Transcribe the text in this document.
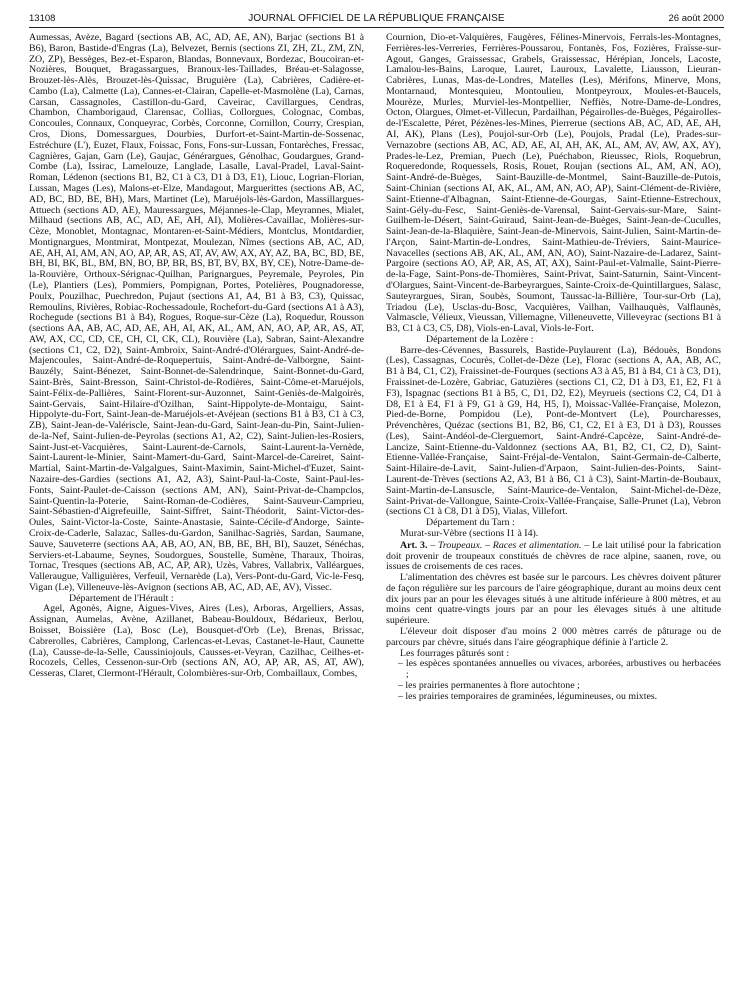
13108	JOURNAL OFFICIEL DE LA RÉPUBLIQUE FRANÇAISE	26 août 2000

Aumessas, Avèze, Bagard (sections AB, AC, AD, AE, AN), Barjac (sections B1 à B6), Baron, Bastide-d'Engras (La), Belvezet, Bernis (sections ZI, ZH, ZL, ZM, ZN, ZO, ZP), Bessèges, Bez-et-Esparon, Blandas, Bonnevaux, Bordezac, Boucoiran-et-Nozières, Bouquet, Bragassargues, Branoux-les-Taillades, Bréau-et-Salagosse, Brouzet-lès-Alès, Brouzet-lès-Quissac, Bruguière (La), Cabrières, Cadière-et-Cambo (La), Calmette (La), Cannes-et-Clairan, Capelle-et-Masmolène (La), Carnas, Carsan, Cassagnoles, Castillon-du-Gard, Caveirac, Cavillargues, Cendras, Chambon, Chamborigaud, Clarensac, Collias, Collorgues, Colognac, Combas, Concoules, Connaux, Conqueyrac, Corbès, Corconne, Cornillon, Courry, Crespian, Cros, Dions, Domessargues, Dourbies, Durfort-et-Saint-Martin-de-Sossenac, Estréchure (L'), Euzet, Flaux, Foissac, Fons, Fons-sur-Lussan, Fontarèches, Fressac, Cagnières, Gajan, Garn (Le), Gaujac, Générargues, Génolhac, Goudargues, Grand-Combe (La), Issirac, Lamelouze, Langlade, Lasalle, Laval-Pradel, Laval-Saint-Roman, Lédenon (sections B1, B2, C1 à C3, D1 à D3, E1), Liouc, Logrian-Florian, Lussan, Mages (Les), Malons-et-Elze, Mandagout, Marguerittes (sections AB, AC, AD, BC, BD, BE, BH), Mars, Martinet (Le), Maruéjols-lès-Gardon, Massillargues-Attuech (sections AD, AE), Mauressargues, Méjannes-le-Clap, Meyrannes, Mialet, Milhaud (sections AB, AC, AD, AE, AH, AI), Molières-Cavaillac, Molières-sur-Cèze, Monoblet, Montagnac, Montaren-et-Saint-Médiers, Montclus, Montdardier, Montignargues, Montmirat, Montpezat, Moulezan, Nîmes (sections AB, AC, AD, AE, AH, AI, AM, AN, AO, AP, AR, AS, AT, AV, AW, AX, AY, AZ, BA, BC, BD, BE, BH, BI, BK, BL, BM, BN, BO, BP, BR, BS, BT, BV, BX, BY, CE), Notre-Dame-de-la-Rouvière, Orthoux-Sérignac-Quilhan, Parignargues, Peyremale, Peyroles, Pin (Le), Plantiers (Les), Pommiers, Pompignan, Portes, Potelières, Pougnadoresse, Poulx, Pouzilhac, Puechredon, Pujaut (sections A1, A4, B1 à B3, C3), Quissac, Remoulins, Rivières, Robiac-Rochessadoule, Rochefort-du-Gard (sections A1 à A3), Rochegude (sections B1 à B4), Rogues, Roque-sur-Cèze (La), Roquedur, Rousson (sections AA, AB, AC, AD, AE, AH, AI, AK, AL, AM, AN, AO, AP, AR, AS, AT, AW, AX, CC, CD, CE, CH, CI, CK, CL), Rouvière (La), Sabran, Saint-Alexandre (sections C1, C2, D2), Saint-Ambroix, Saint-André-d'Olérargues, Saint-André-de-Majencoules, Saint-André-de-Roquepertuis, Saint-André-de-Valborgne, Saint-Bauzély, Saint-Bénezet, Saint-Bonnet-de-Salendrinque, Saint-Bonnet-du-Gard, Saint-Brès, Saint-Bresson, Saint-Christol-de-Rodières, Saint-Côme-et-Maruéjols, Saint-Félix-de-Pallières, Saint-Florent-sur-Auzonnet, Saint-Geniès-de-Malgoirès, Saint-Gervais, Saint-Hilaire-d'Ozilhan, Saint-Hippolyte-de-Montaigu, Saint-Hippolyte-du-Fort, Saint-Jean-de-Maruéjols-et-Avéjean (sections B1 à B3, C1 à C3, ZB), Saint-Jean-de-Valériscle, Saint-Jean-du-Gard, Saint-Jean-du-Pin, Saint-Julien-de-la-Nef, Saint-Julien-de-Peyrolas (sections A1, A2, C2), Saint-Julien-les-Rosiers, Saint-Just-et-Vacquières, Saint-Laurent-de-Carnols, Saint-Laurent-la-Vernède, Saint-Laurent-le-Minier, Saint-Mamert-du-Gard, Saint-Marcel-de-Careiret, Saint-Martial, Saint-Martin-de-Valgalgues, Saint-Maximin, Saint-Michel-d'Euzet, Saint-Nazaire-des-Gardies (sections A1, A2, A3), Saint-Paul-la-Coste, Saint-Paul-les-Fonts, Saint-Paulet-de-Caisson (sections AM, AN), Saint-Privat-de-Champclos, Saint-Quentin-la-Poterie, Saint-Roman-de-Codières, Saint-Sauveur-Camprieu, Saint-Sébastien-d'Aigrefeuille, Saint-Siffret, Saint-Théodorit, Saint-Victor-des-Oules, Saint-Victor-la-Coste, Sainte-Anastasie, Sainte-Cécile-d'Andorge, Sainte-Croix-de-Caderle, Salazac, Salles-du-Gardon, Sanilhac-Sagriès, Sardan, Saumane, Sauve, Sauveterre (sections AA, AB, AO, AN, BB, BE, BH, BI), Sauzet, Sénéchas, Serviers-et-Labaume, Seynes, Soudorgues, Soustelle, Sumène, Tharaux, Thoiras, Tornac, Tresques (sections AB, AC, AP, AR), Uzès, Vabres, Vallabrix, Valléargues, Valleraugue, Valliguières, Verfeuil, Vernarède (La), Vers-Pont-du-Gard, Vic-le-Fesq, Vigan (Le), Villeneuve-lès-Avignon (sections AB, AC, AD, AE, AV), Vissec.

Département de l'Hérault :

Agel, Agonès, Aigne, Aigues-Vives, Aires (Les), Arboras, Argelliers, Assas, Assignan, Aumelas, Avène, Azillanet, Babeau-Bouldoux, Bédarieux, Berlou, Boisset, Boissière (La), Bosc (Le), Bousquet-d'Orb (Le), Brenas, Brissac, Cabrerolles, Cabrières, Camplong, Carlencas-et-Levas, Castanet-le-Haut, Caunette (La), Causse-de-la-Selle, Caussiniojouls, Causses-et-Veyran, Cazilhac, Ceilhes-et-Rocozels, Celles, Cessenon-sur-Orb (sections AN, AO, AP, AR, AS, AT, AW), Cesseras, Claret, Clermont-l'Hérault, Colombières-sur-Orb, Combaillaux, Combes,

Cournion, Dio-et-Valquières, Faugères, Félines-Minervois, Ferrals-les-Montagnes, Ferrières-les-Verreries, Ferrières-Poussarou, Fontanès, Fos, Fozières, Fraïsse-sur-Agout, Ganges, Graissessac, Grabels, Graissessac, Hérépian, Joncels, Lacoste, Lamalou-les-Bains, Laroque, Lauret, Lauroux, Lavalette, Liausson, Lieuran-Cabrières, Lunas, Mas-de-Londres, Matelles (Les), Mérifons, Minerve, Mons, Montarnaud, Montesquieu, Montoulieu, Montpeyroux, Moules-et-Baucels, Mourèze, Murles, Murviel-les-Montpellier, Neffiès, Notre-Dame-de-Londres, Octon, Olargues, Olmet-et-Villecun, Pardailhan, Pégairolles-de-Buèges, Pégairolles-de-l'Escalette, Péret, Pézènes-les-Mines, Pierrerue (sections AB, AC, AD, AE, AH, AI, AK), Plans (Les), Poujol-sur-Orb (Le), Poujols, Pradal (Le), Prades-sur-Vernazobre (sections AB, AC, AD, AE, AI, AH, AK, AL, AM, AV, AW, AX, AY), Prades-le-Lez, Premian, Puech (Le), Puéchabon, Rieussec, Riols, Roquebrun, Roqueredonde, Roquessels, Rosis, Rouet, Roujan (sections AL, AM, AN, AO), Saint-André-de-Buèges, Saint-Bauzille-de-Montmel, Saint-Bauzille-de-Putois, Saint-Chinian (sections AI, AK, AL, AM, AN, AO, AP), Saint-Clément-de-Rivière, Saint-Etienne-d'Albagnan, Saint-Etienne-de-Gourgas, Saint-Etienne-Estrechoux, Saint-Gély-du-Fesc, Saint-Geniès-de-Varensal, Saint-Gervais-sur-Mare, Saint-Guilhem-le-Désert, Saint-Guiraud, Saint-Jean-de-Buèges, Saint-Jean-de-Cuculles, Saint-Jean-de-la-Blaquière, Saint-Jean-de-Minervois, Saint-Julien, Saint-Martin-de-l'Arçon, Saint-Martin-de-Londres, Saint-Mathieu-de-Tréviers, Saint-Maurice-Navacelles (sections AB, AK, AL, AM, AN, AO), Saint-Nazaire-de-Ladarez, Saint-Pargoire (sections AO, AP, AR, AS, AT, AX), Saint-Paul-et-Valmalle, Saint-Pierre-de-la-Fage, Saint-Pons-de-Thomières, Saint-Privat, Saint-Saturnin, Saint-Vincent-d'Olargues, Saint-Vincent-de-Barbeyrargues, Sainte-Croix-de-Quintillargues, Salasc, Sauteyrargues, Siran, Soubès, Soumont, Taussac-la-Billière, Tour-sur-Orb (La), Triadou (Le), Usclas-du-Bosc, Vacquières, Vailhan, Vailhauquès, Valflaunès, Valmascle, Vélieux, Vieussan, Villemagne, Villeneuvette, Villeveyrac (sections B1 à B3, C1 à C3, C5, D8), Viols-en-Laval, Viols-le-Fort.

Département de la Lozère :

Barre-des-Cévennes, Bassurels, Bastide-Puylaurent (La), Bédouès, Bondons (Les), Cassagnas, Cocurès, Collet-de-Dèze (Le), Florac (sections A, AA, AB, AC, B1 à B4, C1, C2), Fraissinet-de-Fourques (sections A3 à A5, B1 à B4, C1 à C3, D1), Fraissinet-de-Lozère, Gabriac, Gatuzières (sections C1, C2, D1 à D3, E1, E2, F1 à F3), Ispagnac (sections B1 à B5, C, D1, D2, E2), Meyrueis (sections C2, C4, D1 à D8, E1 à E4, F1 à F9, G1 à G9, H4, H5, I), Moissac-Vallée-Française, Molezon, Pied-de-Borne, Pompidou (Le), Pont-de-Montvert (Le), Pourcharesses, Prévenchères, Quézac (sections B1, B2, B6, C1, C2, E1 à E3, D1 à D3), Rousses (Les), Saint-Andéol-de-Clerguemort, Saint-André-Capcèze, Saint-André-de-Lancize, Saint-Etienne-du-Valdonnez (sections AA, B1, B2, C1, C2, D), Saint-Etienne-Vallée-Française, Saint-Fréjal-de-Ventalon, Saint-Germain-de-Calberte, Saint-Hilaire-de-Lavit, Saint-Julien-d'Arpaon, Saint-Julien-des-Points, Saint-Laurent-de-Trèves (sections A2, A3, B1 à B6, C1 à C3), Saint-Martin-de-Boubaux, Saint-Martin-de-Lansuscle, Saint-Maurice-de-Ventalon, Saint-Michel-de-Dèze, Saint-Privat-de-Vallongue, Sainte-Croix-Vallée-Française, Salle-Prunet (La), Vebron (sections C1 à C8, D1 à D5), Vialas, Villefort.

Département du Tarn :

Murat-sur-Vèbre (sections I1 à I4).

Art. 3. – Troupeaux. – Races et alimentation. – Le lait utilisé pour la fabrication doit provenir de troupeaux constitués de chèvres de race alpine, saanen, rove, ou issues de croisements de ces races.

L'alimentation des chèvres est basée sur le parcours. Les chèvres doivent pâturer de façon régulière sur les parcours de l'aire géographique, durant au moins deux cent dix jours par an pour les élevages situés à une altitude inférieure à 800 mètres, et au moins cent quatre-vingts jours par an pour les élevages situés à une altitude supérieure.

L'éleveur doit disposer d'au moins 2 000 mètres carrés de pâturage ou de parcours par chèvre, situés dans l'aire géographique définie à l'article 2.

Les fourrages pâturés sont :

– les espèces spontanées annuelles ou vivaces, arborées, arbustives ou herbacées ;
– les prairies permanentes à flore autochtone ;
– les prairies temporaires de graminées, légumineuses, ou mixtes.
